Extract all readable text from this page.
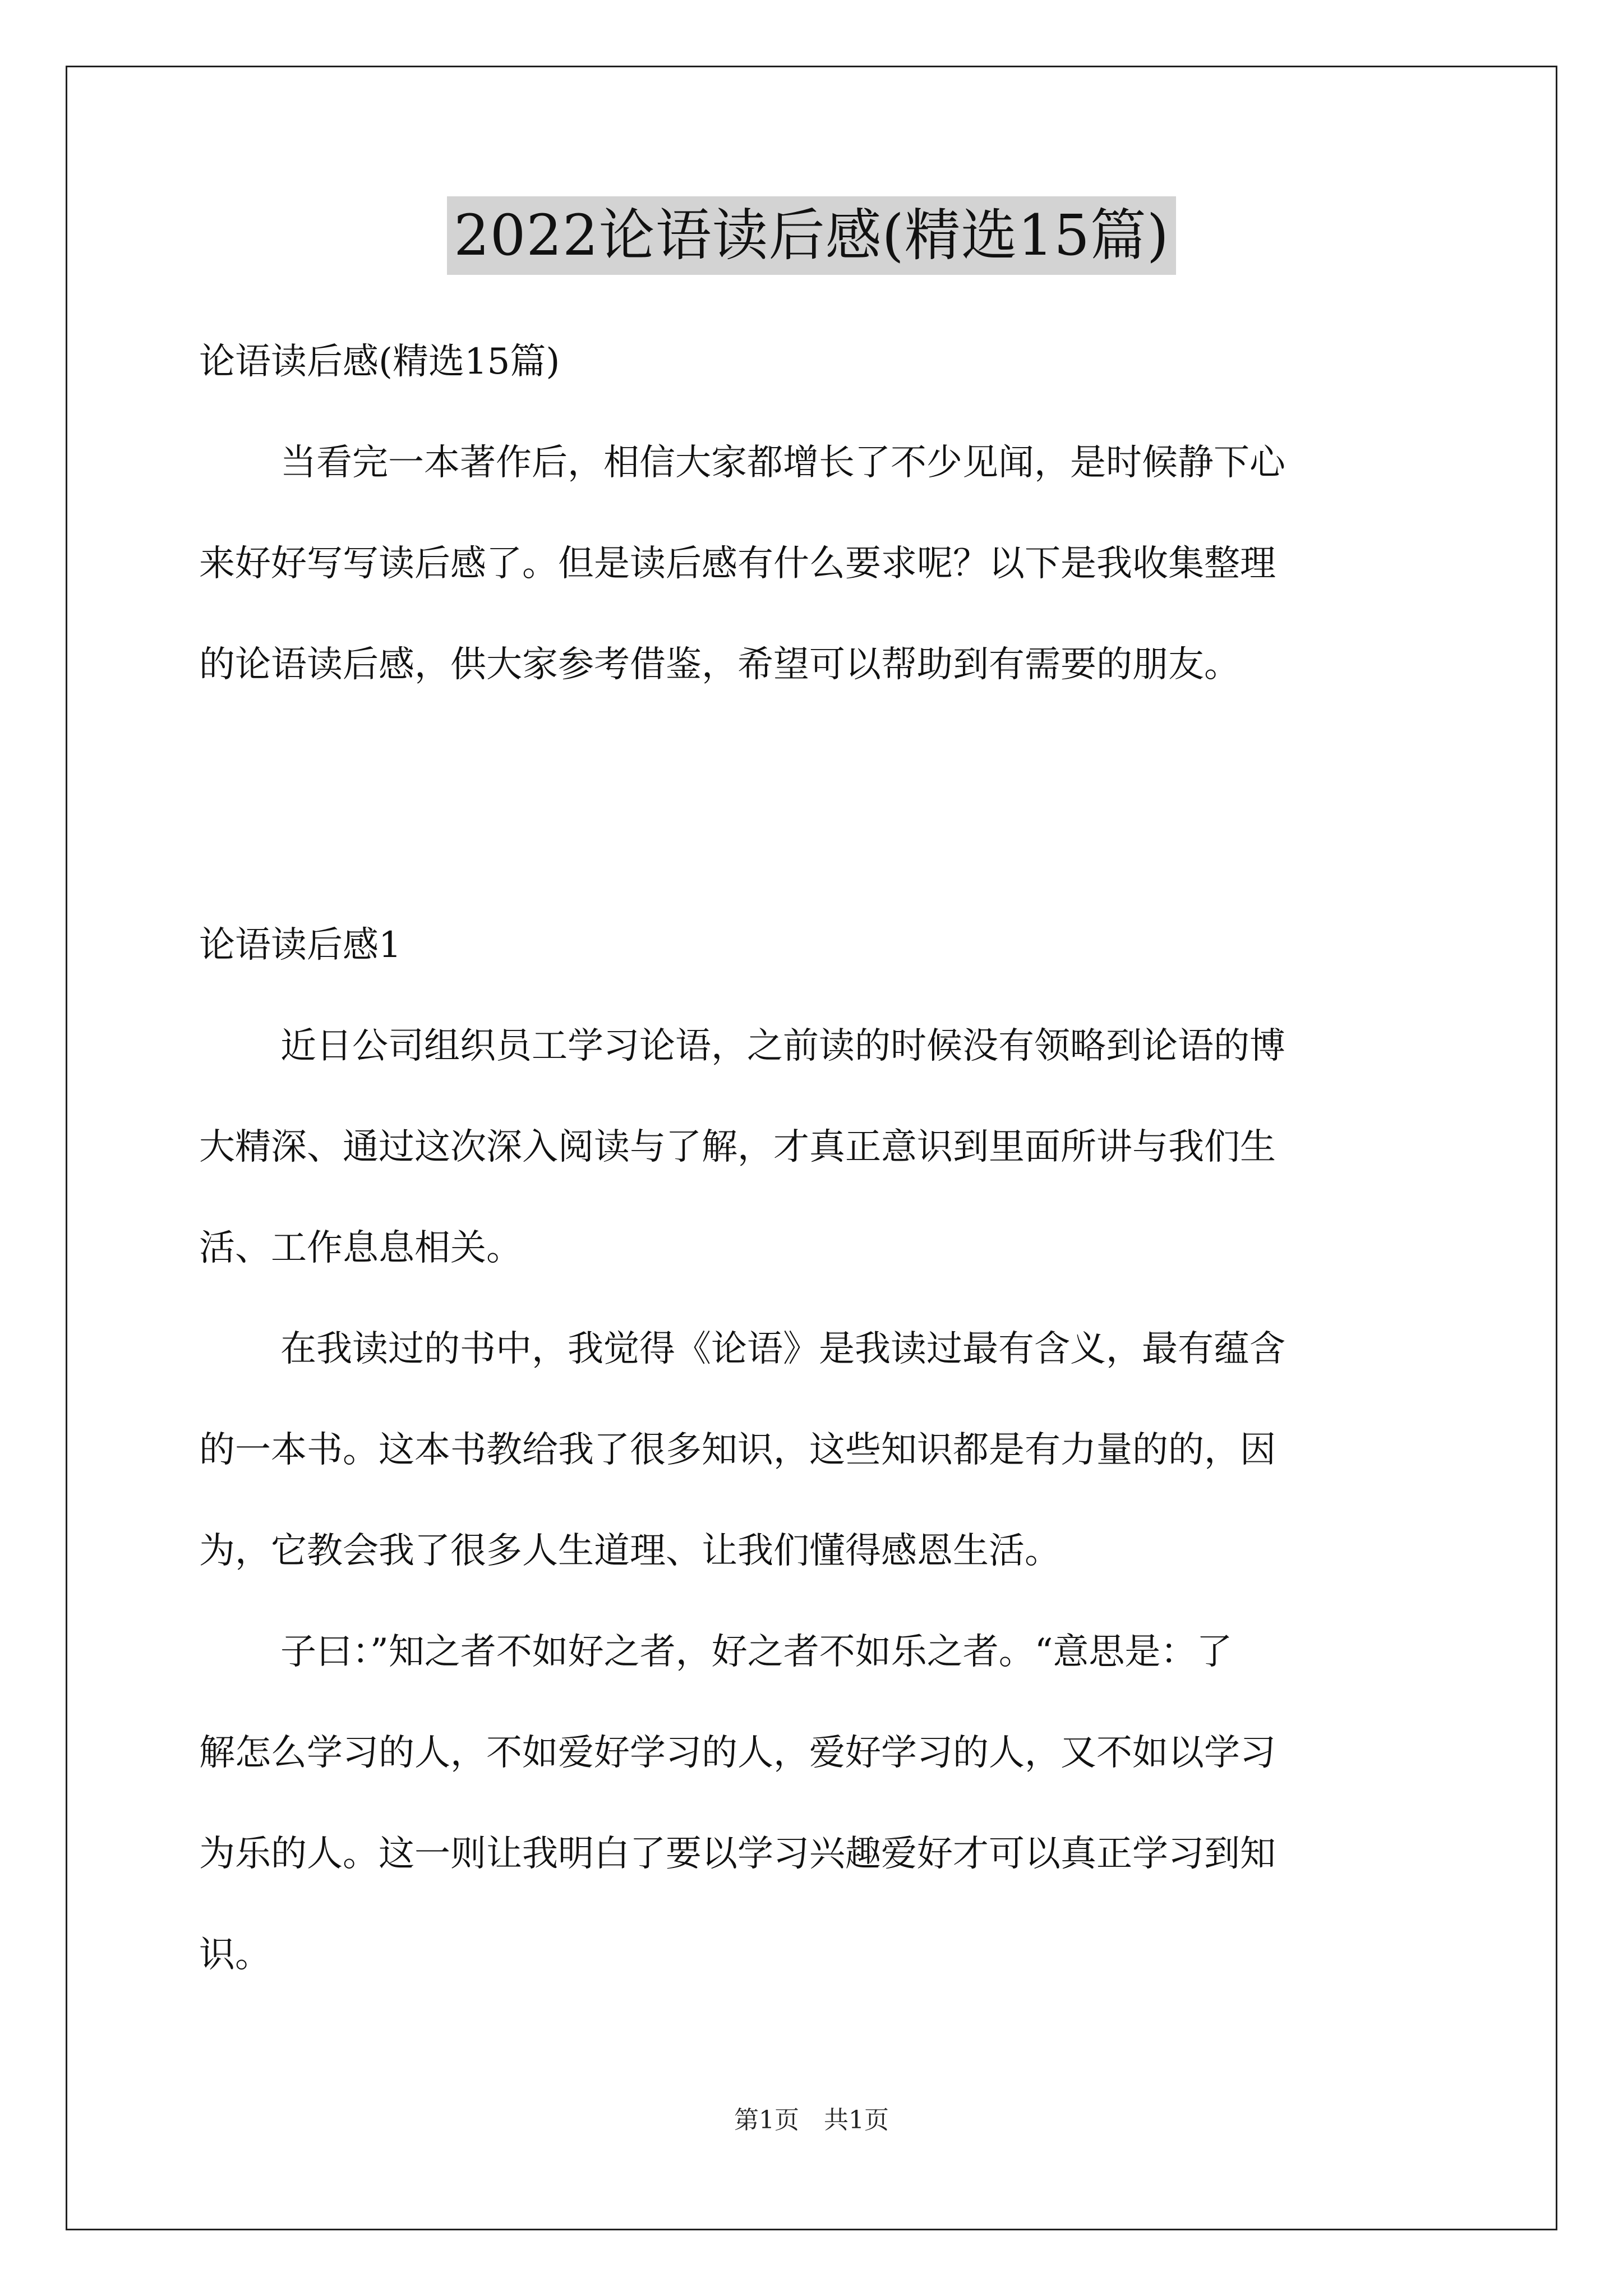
2022论语读后感(精选15篇)
论语读后感(精选15篇)
当看完一本著作后，相信大家都增长了不少见闻，是时候静下心
来好好写写读后感了。但是读后感有什么要求呢？以下是我收集整理
的论语读后感，供大家参考借鉴，希望可以帮助到有需要的朋友。
论语读后感1
近日公司组织员工学习论语，之前读的时候没有领略到论语的博
大精深、通过这次深入阅读与了解，才真正意识到里面所讲与我们生
活、工作息息相关。
在我读过的书中，我觉得《论语》是我读过最有含义，最有蕴含
的一本书。这本书教给我了很多知识，这些知识都是有力量的的，因
为，它教会我了很多人生道理、让我们懂得感恩生活。
子曰：”知之者不如好之者，好之者不如乐之者。“意思是：了
解怎么学习的人，不如爱好学习的人，爱好学习的人，又不如以学习
为乐的人。这一则让我明白了要以学习兴趣爱好才可以真正学习到知
识。
第1页　共1页
